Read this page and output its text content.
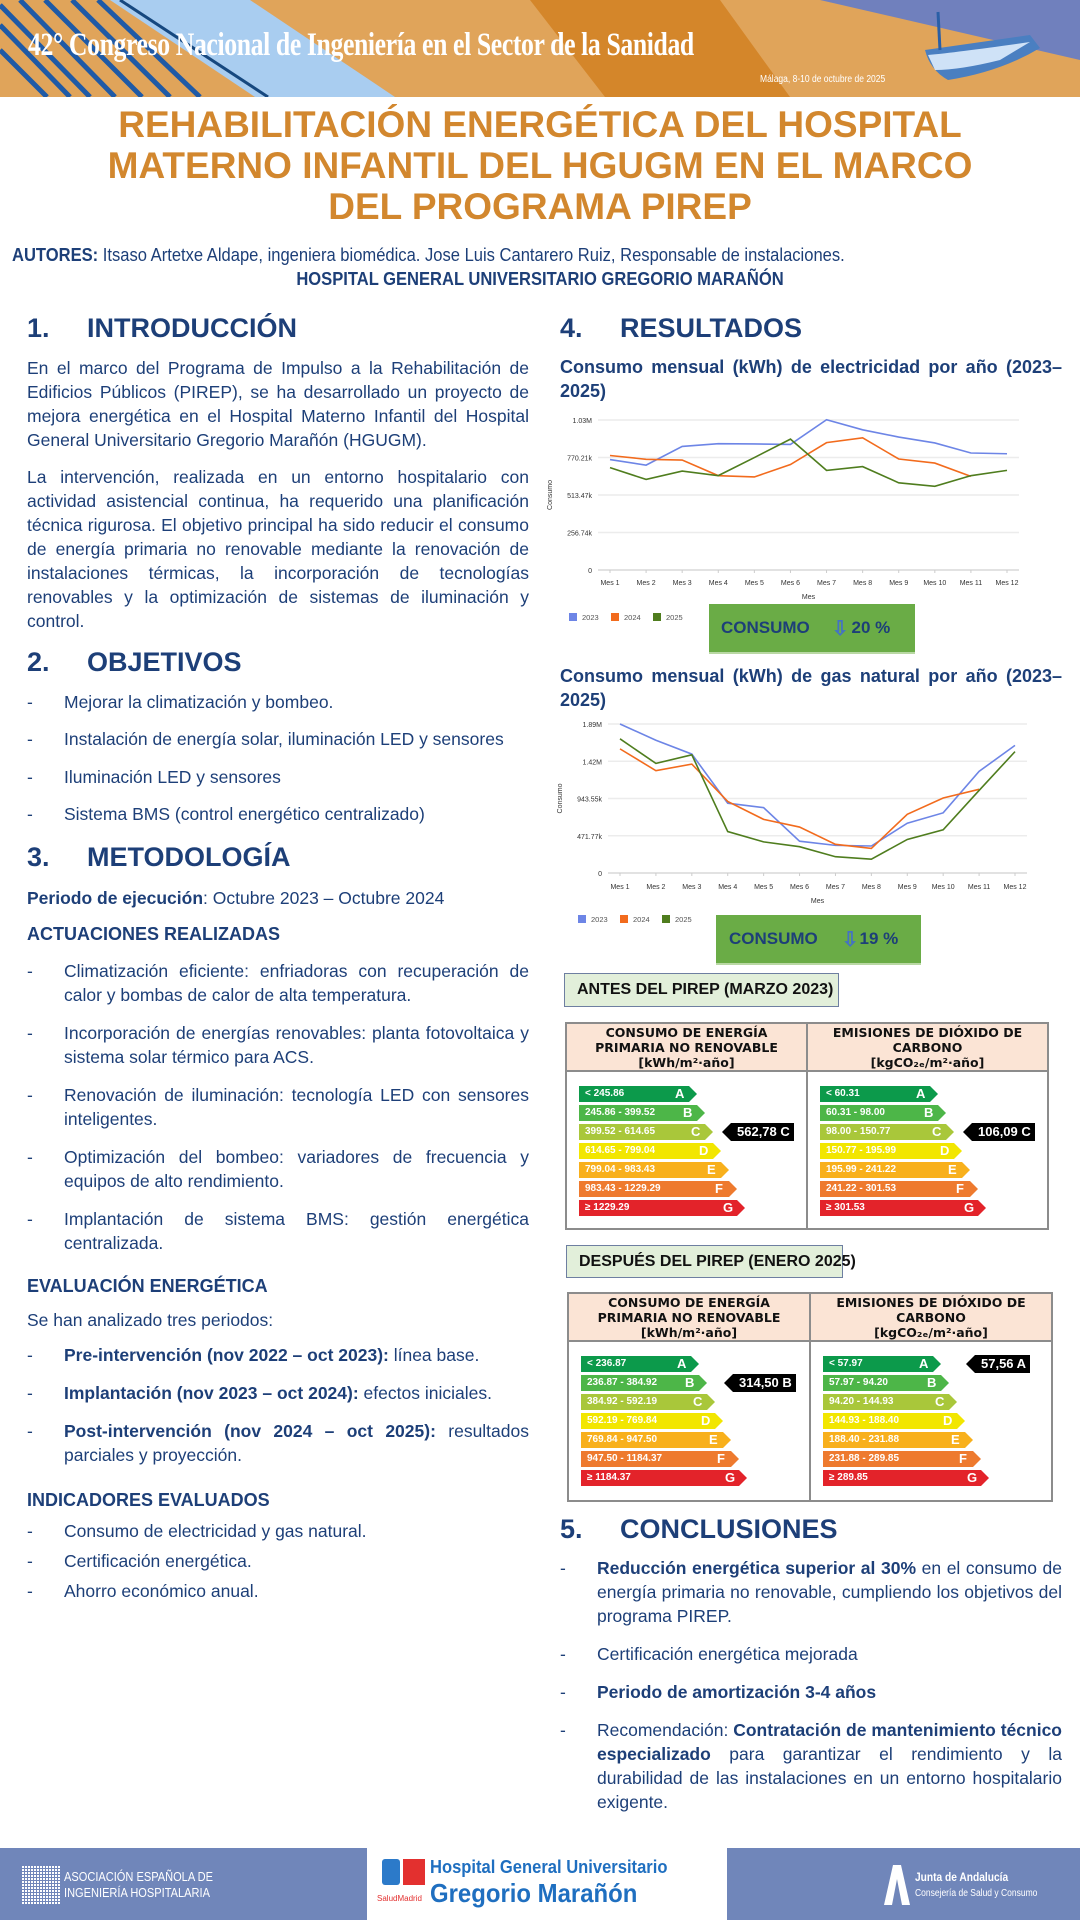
42° Congreso Nacional de Ingeniería en el Sector de la Sanidad
Málaga, 8-10 de octubre de 2025
REHABILITACIÓN ENERGÉTICA DEL HOSPITAL
MATERNO INFANTIL DEL HGUGM EN EL MARCO
DEL PROGRAMA PIREP
AUTORES: Itsaso Artetxe Aldape, ingeniera biomédica. Jose Luis Cantarero Ruiz, Responsable de instalaciones.
HOSPITAL GENERAL UNIVERSITARIO GREGORIO MARAÑÓN
1. INTRODUCCIÓN

En el marco del Programa de Impulso a la Rehabilitación de Edificios Públicos (PIREP), se ha desarrollado un proyecto de mejora energética en el Hospital Materno Infantil del Hospital General Universitario Gregorio Marañón (HGUGM).

La intervención, realizada en un entorno hospitalario con actividad asistencial continua, ha requerido una planificación técnica rigurosa. El objetivo principal ha sido reducir el consumo de energía primaria no renovable mediante la renovación de instalaciones térmicas, la incorporación de tecnologías renovables y la optimización de sistemas de iluminación y control.

2. OBJETIVOS
-	Mejorar la climatización y bombeo.
-	Instalación de energía solar, iluminación LED y sensores
-	Iluminación LED y sensores
-	Sistema BMS (control energético centralizado)
3. METODOLOGÍA
Periodo de ejecución: Octubre 2023 – Octubre 2024
ACTUACIONES REALIZADAS
-	Climatización eficiente: enfriadoras con recuperación de calor y bombas de calor de alta temperatura.
-	Incorporación de energías renovables: planta fotovoltaica y sistema solar térmico para ACS.
-	Renovación de iluminación: tecnología LED con sensores inteligentes.
-	Optimización del bombeo: variadores de frecuencia y equipos de alto rendimiento.
-	Implantación de sistema BMS: gestión energética centralizada.
EVALUACIÓN ENERGÉTICA
Se han analizado tres periodos:
-	Pre-intervención (nov 2022 – oct 2023): línea base.
-	Implantación (nov 2023 – oct 2024): efectos iniciales.
-	Post-intervención (nov 2024 – oct 2025): resultados parciales y proyección.
INDICADORES EVALUADOS
-	Consumo de electricidad y gas natural.
-	Certificación energética.
-	Ahorro económico anual.
4. RESULTADOS
Consumo mensual (kWh) de electricidad por año (2023–2025)
0
256.74k
513.47k
770.21k
1.03M
Mes 1 Mes 2 Mes 3 Mes 4 Mes 5 Mes 6 Mes 7 Mes 8 Mes 9 Mes 10 Mes 11 Mes 12
Mes
Consumo
2023	2024	2025
CONSUMO ⇩ 20 %
Consumo mensual (kWh) de gas natural por año (2023–2025)
0
471.77k
943.55k
1.42M
1.89M
Mes 1 Mes 2 Mes 3 Mes 4 Mes 5 Mes 6 Mes 7 Mes 8 Mes 9 Mes 10 Mes 11 Mes 12
Mes
Consumo
2023	2024	2025
CONSUMO ⇩ 19 %
ANTES DEL PIREP (MARZO 2023)
CONSUMO DE ENERGÍA
PRIMARIA NO RENOVABLE
[kWh/m²·año]
< 245.86	A
245.86 - 399.52 B
399.52 - 614.65	C
614.65 - 799.04	D
799.04 - 983.43	E
983.43 - 1229.29	F
≥ 1229.29	G
562,78 C
EMISIONES DE DIÓXIDO DE
CARBONO
[kgCO₂ₑ/m²·año]
< 60.31	A
60.31 - 98.00	B
98.00 - 150.77	C
150.77 - 195.99	D
195.99 - 241.22	E
241.22 - 301.53	F
≥ 301.53	G
106,09 C
DESPUÉS DEL PIREP (ENERO 2025)
CONSUMO DE ENERGÍA
PRIMARIA NO RENOVABLE
[kWh/m²·año]
< 236.87	A
236.87 - 384.92 B
384.92 - 592.19	C
592.19 - 769.84	D
769.84 - 947.50	E
947.50 - 1184.37	F
≥ 1184.37	G
314,50 B
EMISIONES DE DIÓXIDO DE
CARBONO
[kgCO₂ₑ/m²·año]
< 57.97	A
57.97 - 94.20	B
94.20 - 144.93	C
144.93 - 188.40	D
188.40 - 231.88	E
231.88 - 289.85	F
≥ 289.85	G
57,56 A
5. CONCLUSIONES
-	Reducción energética superior al 30% en el consumo de energía primaria no renovable, cumpliendo los objetivos del programa PIREP.
-	Certificación energética mejorada
-	Periodo de amortización 3-4 años
-	Recomendación: Contratación de mantenimiento técnico especializado para garantizar el rendimiento y la durabilidad de las instalaciones en un entorno hospitalario exigente.
ASOCIACIÓN ESPAÑOLA DE
INGENIERÍA HOSPITALARIA	SaludMadrid
Hospital General Universitario
Gregorio Marañón
Junta de Andalucía
Consejería de Salud y Consumo
